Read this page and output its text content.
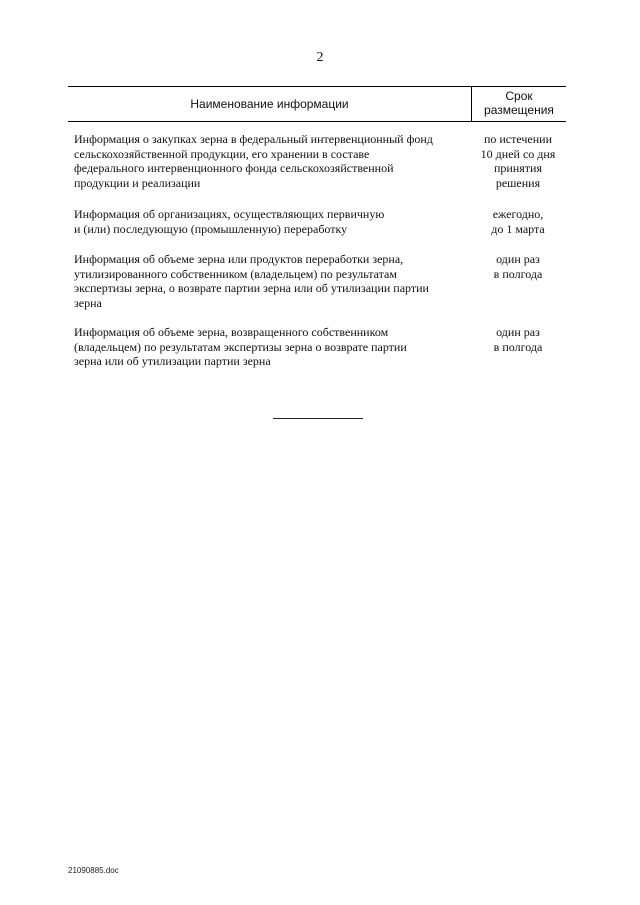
2
Наименование информации
Срок
размещения
Информация о закупках зерна в федеральный интервенционный фонд
сельскохозяйственной продукции, его хранении в составе
федерального интервенционного фонда сельскохозяйственной
продукции и реализации
по истечении
10 дней со дня
принятия
решения
Информация об организациях, осуществляющих первичную
и (или) последующую (промышленную) переработку
ежегодно,
до 1 марта
Информация об объеме зерна или продуктов переработки зерна,
утилизированного собственником (владельцем) по результатам
экспертизы зерна, о возврате партии зерна или об утилизации партии
зерна
один раз
в полгода
Информация об объеме зерна, возвращенного собственником
(владельцем) по результатам экспертизы зерна о возврате партии
зерна или об утилизации партии зерна
один раз
в полгода
21090885.doc
